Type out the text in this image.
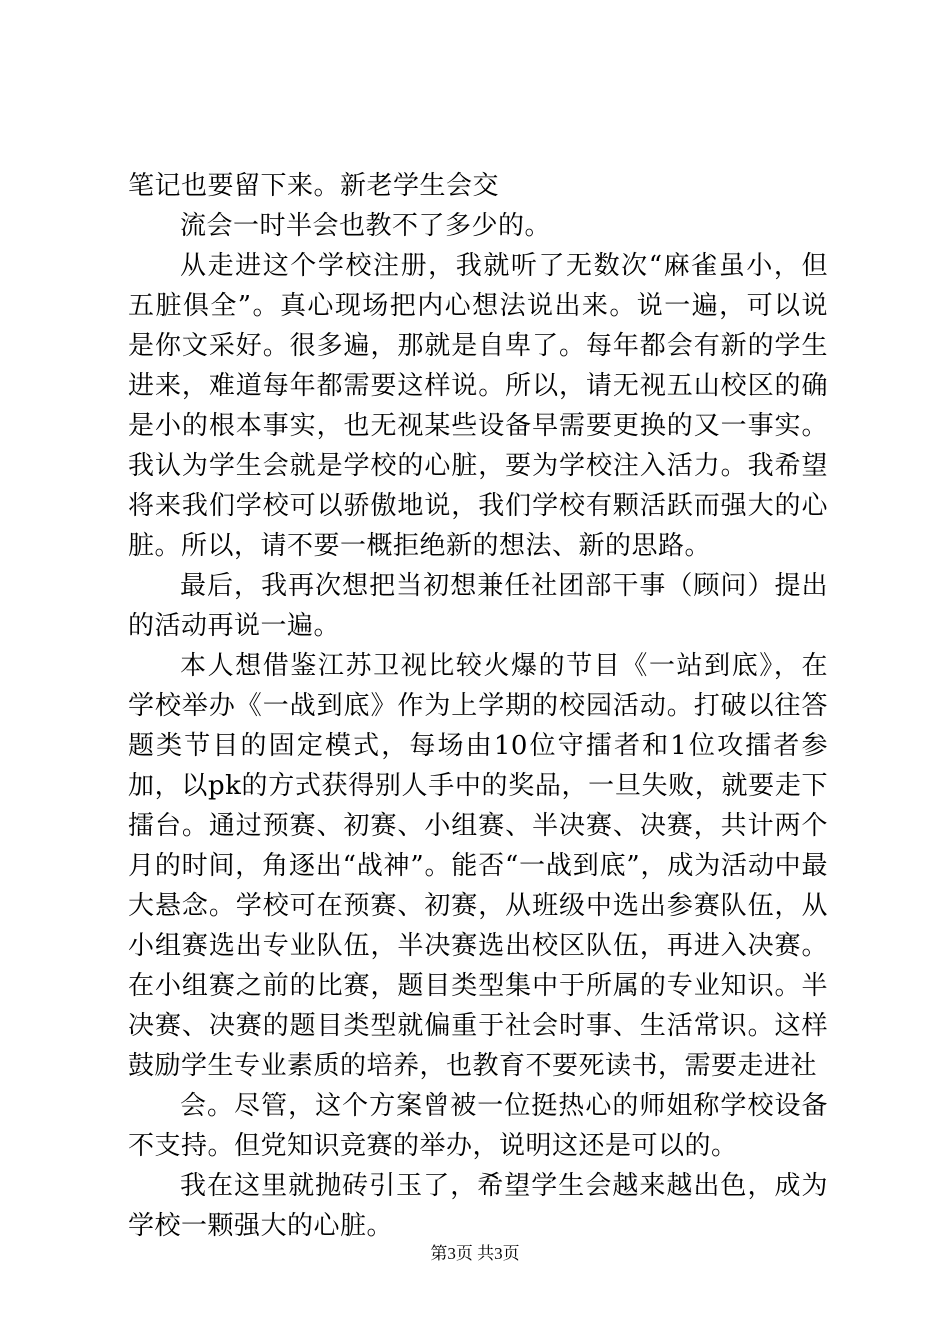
笔记也要留下来。新老学生会交

流会一时半会也教不了多少的。

从走进这个学校注册，我就听了无数次“麻雀虽小，但五脏俱全”。真心现场把内心想法说出来。说一遍，可以说是你文采好。很多遍，那就是自卑了。每年都会有新的学生进来，难道每年都需要这样说。所以，请无视五山校区的确是小的根本事实，也无视某些设备早需要更换的又一事实。我认为学生会就是学校的心脏，要为学校注入活力。我希望将来我们学校可以骄傲地说，我们学校有颗活跃而强大的心脏。所以，请不要一概拒绝新的想法、新的思路。

最后，我再次想把当初想兼任社团部干事（顾问）提出的活动再说一遍。

本人想借鉴江苏卫视比较火爆的节目《一站到底》，在学校举办《一战到底》作为上学期的校园活动。打破以往答题类节目的固定模式，每场由10位守擂者和1位攻擂者参加，以pk的方式获得别人手中的奖品，一旦失败，就要走下擂台。通过预赛、初赛、小组赛、半决赛、决赛，共计两个月的时间，角逐出“战神”。能否“一战到底”，成为活动中最大悬念。学校可在预赛、初赛，从班级中选出参赛队伍，从小组赛选出专业队伍，半决赛选出校区队伍，再进入决赛。在小组赛之前的比赛，题目类型集中于所属的专业知识。半决赛、决赛的题目类型就偏重于社会时事、生活常识。这样鼓励学生专业素质的培养，也教育不要死读书，需要走进社

会。尽管，这个方案曾被一位挺热心的师姐称学校设备不支持。但党知识竞赛的举办，说明这还是可以的。

我在这里就抛砖引玉了，希望学生会越来越出色，成为学校一颗强大的心脏。

第3页 共3页
